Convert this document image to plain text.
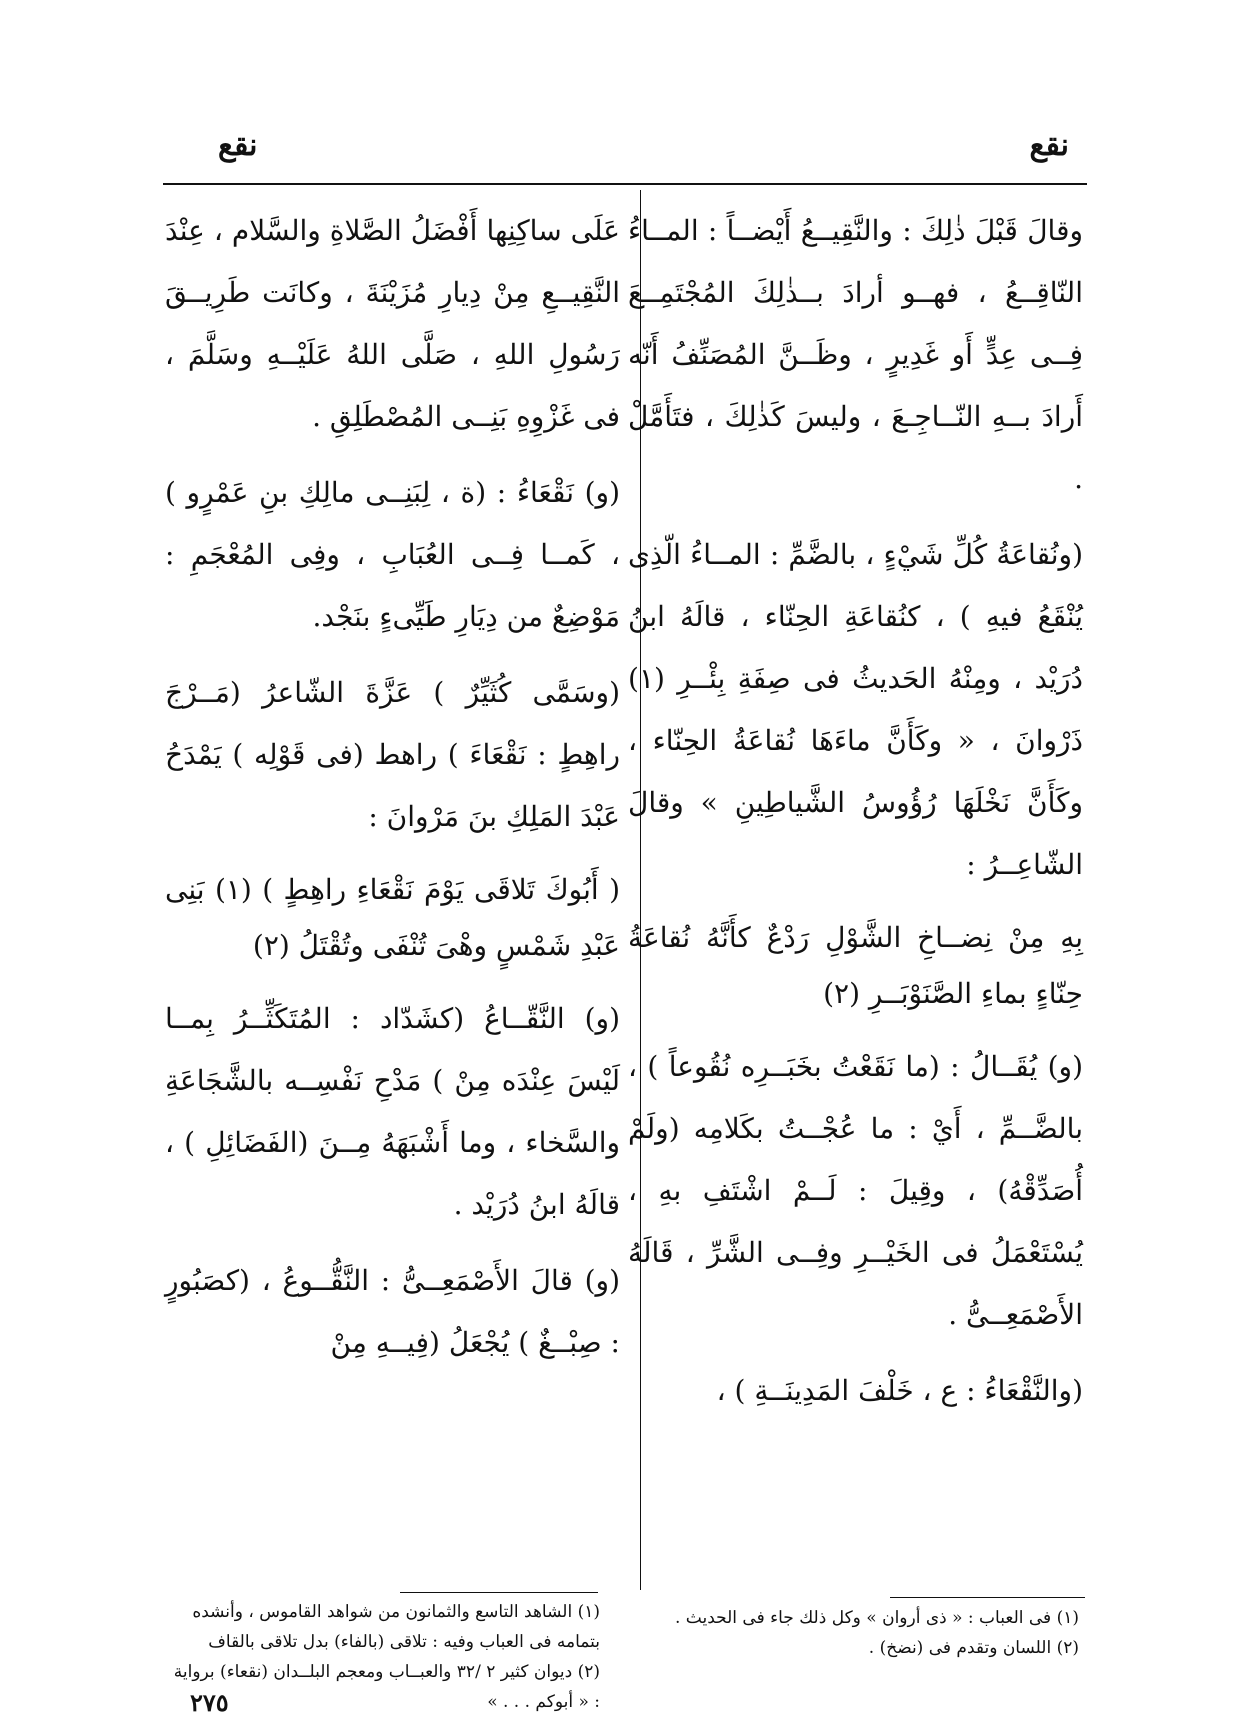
نقع
نقع

وقالَ قَبْلَ ذٰلِكَ : والنَّقِيــعُ أَيْضــاً : المــاءُ النّاقِــعُ ، فهــو أرادَ بــذٰلِكَ المُجْتَمِــعَ فِــى عِدٍّ أَو غَدِيرٍ ، وظَــنَّ المُصَنِّفُ أَنّه أَرادَ بــهِ النّــاجِـعَ ، وليسَ كَذٰلِكَ ، فتَأَمَّلْ .

(ونُقاعَةُ كُلِّ شَيْءٍ ، بالضَّمِّ : المــاءُ الّذِى يُنْقَعُ فيهِ ) ، كنُقاعَةِ الحِنّاء ، قالَهُ ابنُ دُرَيْد ، ومِنْهُ الحَديثُ فى صِفَةِ بِئْــرِ (١) ذَرْوانَ ، « وكَأَنَّ ماءَهَا نُقاعَةُ الحِنّاء ، وكَأَنَّ نَخْلَهَا رُؤُوسُ الشَّياطِينِ » وقالَ الشّاعِــرُ :

بِهِ مِنْ نِضــاخِ الشَّوْلِ رَدْعٌ كأَنَّهُ نُقاعَةُ حِنّاءٍ بماءِ الصَّنَوْبَــرِ (٢)

(و) يُقَــالُ : (ما نَقَعْتُ بخَبَــرِه نُقُوعاً ) ، بالضَّــمِّ ، أَيْ : ما عُجْــتُ بكَلامِه (ولَمْ أُصَدِّقْهُ) ، وقِيلَ : لَــمْ اشْتَفِ بهِ ، يُسْتَعْمَلُ فى الخَيْــرِ وفِــى الشَّرِّ ، قَالَهُ الأَصْمَعِــىُّ .

(والنَّقْعَاءُ : ع ، خَلْفَ المَدِينَــةِ ) ،

عَلَى ساكِنِها أَفْضَلُ الصَّلاةِ والسَّلام ، عِنْدَ النَّقِيــعِ مِنْ دِيارِ مُزَيْنَةَ ، وكانَت طَرِيــقَ رَسُولِ اللهِ ، صَلَّى اللهُ عَلَيْــهِ وسَلَّمَ ، فى غَزْوِهِ بَنِــى المُصْطَلِقِ .

(و) نَقْعَاءُ : (ة ، لِبَنِــى مالِكِ بنِ عَمْرٍو ) ، كَمــا فِــى العُبَابِ ، وفِى المُعْجَمِ : مَوْضِعٌ من دِيَارِ طَيِّىءٍ بنَجْد.

(وسَمَّى كُثَيِّرٌ ) عَزَّةَ الشّاعرُ (مَــرْجَ راهِطٍ : نَقْعَاءَ ) راهط (فى قَوْلِه ) يَمْدَحُ عَبْدَ المَلِكِ بنَ مَرْوانَ :

( أَبُوكَ تَلاقَى يَوْمَ نَقْعَاءِ راهِطٍ ) (١) بَنِى عَبْدِ شَمْسٍ وهْىَ تُنْفَى وتُقْتَلُ (٢)

(و) النَّقّــاعُ (كشَدّاد : المُتَكَثِّــرُ بِمــا لَيْسَ عِنْدَه مِنْ ) مَدْحِ نَفْسِــه بالشَّجَاعَةِ والسَّخاء ، وما أَشْبَهَهُ مِــنَ (الفَضَائِلِ ) ، قالَهُ ابنُ دُرَيْد .

(و) قالَ الأَصْمَعِــىُّ : النَّقُّــوعُ ، (كصَبُورٍ : صِبْــغٌ ) يُجْعَلُ (فِيــهِ مِنْ

(١) فى العباب : « ذى أروان » وكل ذلك جاء فى الحديث .

(٢) اللسان وتقدم فى (نضخ) .

(١) الشاهد التاسع والثمانون من شواهد القاموس ، وأنشده بتمامه فى العباب وفيه : تلاقى (بالفاء) بدل تلاقى بالقاف

(٢) ديوان كثير ٢ /٣٢ والعبــاب ومعجم البلــدان (نقعاء) برواية : « أبوكم . . . »

٢٧٥
